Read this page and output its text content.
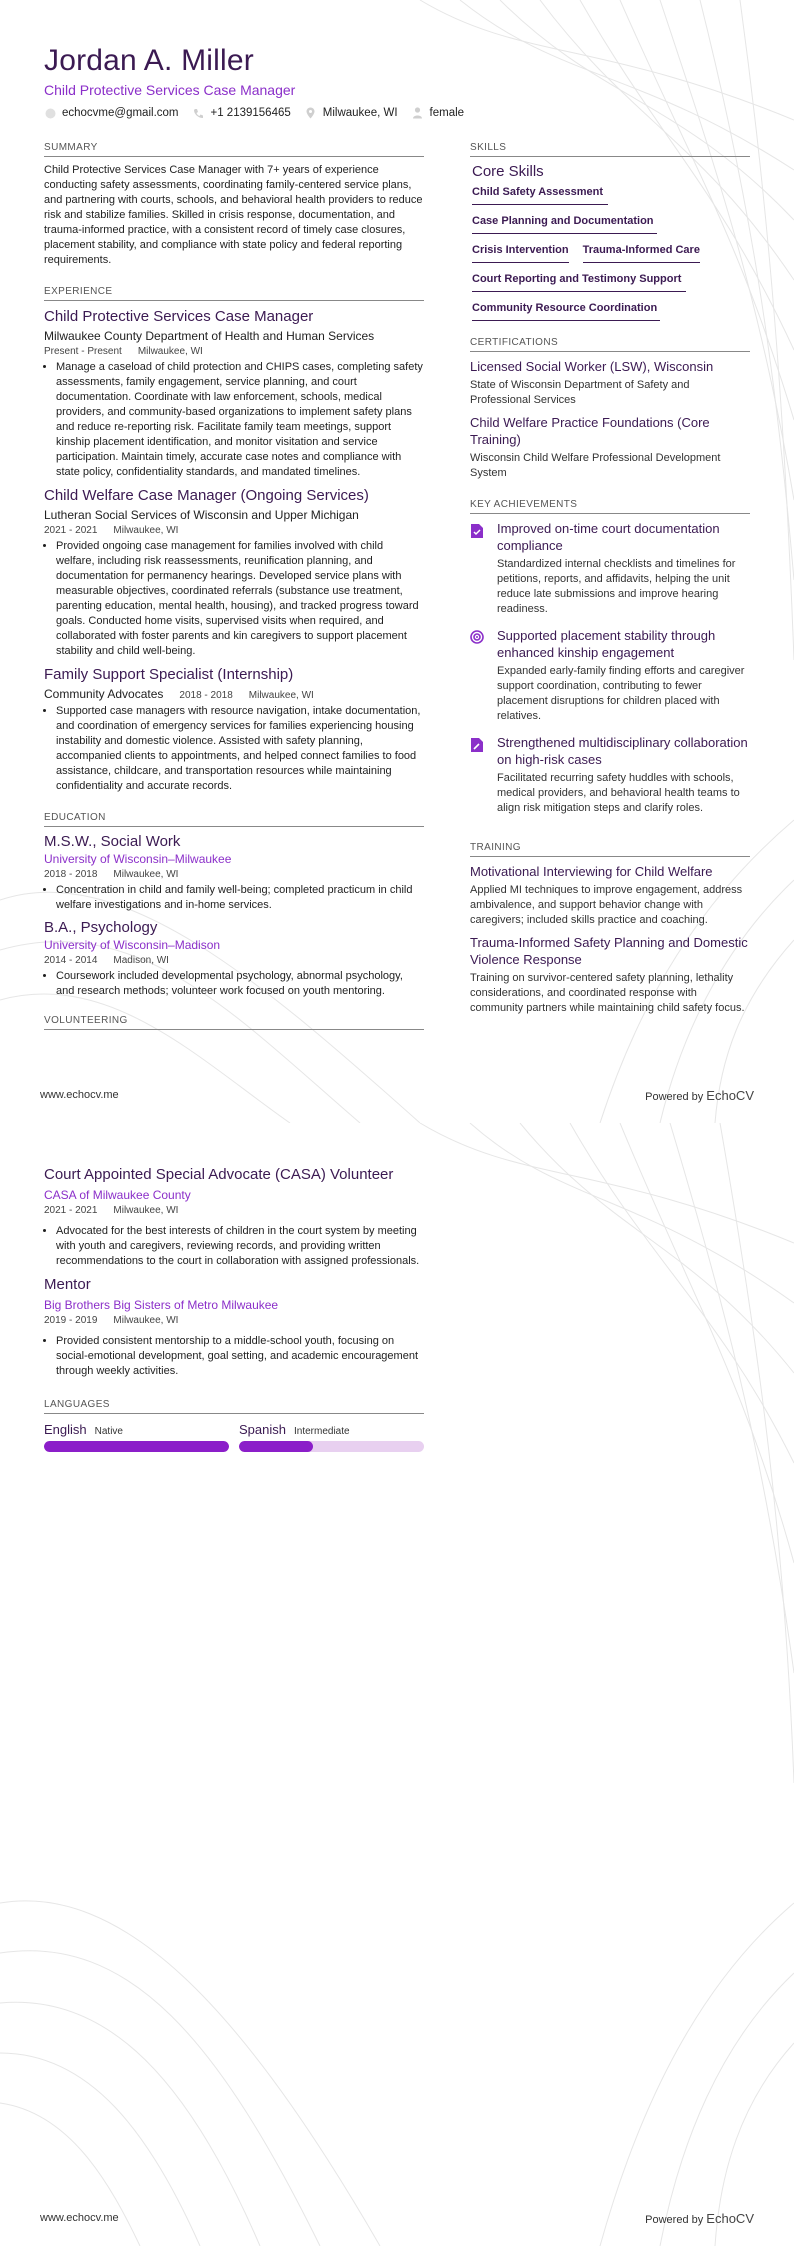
Jordan A. Miller
Child Protective Services Case Manager
echocvme@gmail.com	+1 2139156465	Milwaukee, WI	female
SUMMARY

Child Protective Services Case Manager with 7+ years of experience conducting safety assessments, coordinating family-centered service plans, and partnering with courts, schools, and behavioral health providers to reduce risk and stabilize families. Skilled in crisis response, documentation, and trauma-informed practice, with a consistent record of timely case closures, placement stability, and compliance with state policy and federal reporting requirements.

EXPERIENCE
Child Protective Services Case Manager
Milwaukee County Department of Health and Human Services
Present - Present Milwaukee, WI
• Manage a caseload of child protection and CHIPS cases, completing safety assessments, family engagement, service planning, and court documentation. Coordinate with law enforcement, schools, medical providers, and community-based organizations to implement safety plans and reduce re-reporting risk. Facilitate family team meetings, support kinship placement identification, and monitor visitation and service participation. Maintain timely, accurate case notes and compliance with state policy, confidentiality standards, and mandated timelines.
Child Welfare Case Manager (Ongoing Services)
Lutheran Social Services of Wisconsin and Upper Michigan
2021 - 2021 Milwaukee, WI
• Provided ongoing case management for families involved with child welfare, including risk reassessments, reunification planning, and documentation for permanency hearings. Developed service plans with measurable objectives, coordinated referrals (substance use treatment, parenting education, mental health, housing), and tracked progress toward goals. Conducted home visits, supervised visits when required, and collaborated with foster parents and kin caregivers to support placement stability and child well-being.
Family Support Specialist (Internship)
Community Advocates 2018 - 2018 Milwaukee, WI
• Supported case managers with resource navigation, intake documentation, and coordination of emergency services for families experiencing housing instability and domestic violence. Assisted with safety planning, accompanied clients to appointments, and helped connect families to food assistance, childcare, and transportation resources while maintaining confidentiality and accurate records.
EDUCATION
M.S.W., Social Work
University of Wisconsin–Milwaukee
2018 - 2018 Milwaukee, WI
• Concentration in child and family well-being; completed practicum in child welfare investigations and in-home services.
B.A., Psychology
University of Wisconsin–Madison
2014 - 2014 Madison, WI
• Coursework included developmental psychology, abnormal psychology, and research methods; volunteer work focused on youth mentoring.
VOLUNTEERING
SKILLS
Core Skills
Child Safety Assessment
Case Planning and Documentation
Crisis Intervention Trauma-Informed Care
Court Reporting and Testimony Support
Community Resource Coordination
CERTIFICATIONS
Licensed Social Worker (LSW), Wisconsin
State of Wisconsin Department of Safety and Professional Services
Child Welfare Practice Foundations (Core Training)
Wisconsin Child Welfare Professional Development System
KEY ACHIEVEMENTS
Improved on-time court documentation compliance
Standardized internal checklists and timelines for petitions, reports, and affidavits, helping the unit reduce late submissions and improve hearing readiness.
Supported placement stability through enhanced kinship engagement
Expanded early-family finding efforts and caregiver support coordination, contributing to fewer placement disruptions for children placed with relatives.
Strengthened multidisciplinary collaboration on high-risk cases
Facilitated recurring safety huddles with schools, medical providers, and behavioral health teams to align risk mitigation steps and clarify roles.
TRAINING
Motivational Interviewing for Child Welfare
Applied MI techniques to improve engagement, address ambivalence, and support behavior change with caregivers; included skills practice and coaching.
Trauma-Informed Safety Planning and Domestic Violence Response
Training on survivor-centered safety planning, lethality considerations, and coordinated response with community partners while maintaining child safety focus.
www.echocv.me	Powered by EchoCV
Court Appointed Special Advocate (CASA) Volunteer
CASA of Milwaukee County
2021 - 2021 Milwaukee, WI
• Advocated for the best interests of children in the court system by meeting with youth and caregivers, reviewing records, and providing written recommendations to the court in collaboration with assigned professionals.
Mentor
Big Brothers Big Sisters of Metro Milwaukee
2019 - 2019 Milwaukee, WI
• Provided consistent mentorship to a middle-school youth, focusing on social-emotional development, goal setting, and academic encouragement through weekly activities.
LANGUAGES
English Native	Spanish Intermediate
www.echocv.me	Powered by EchoCV
